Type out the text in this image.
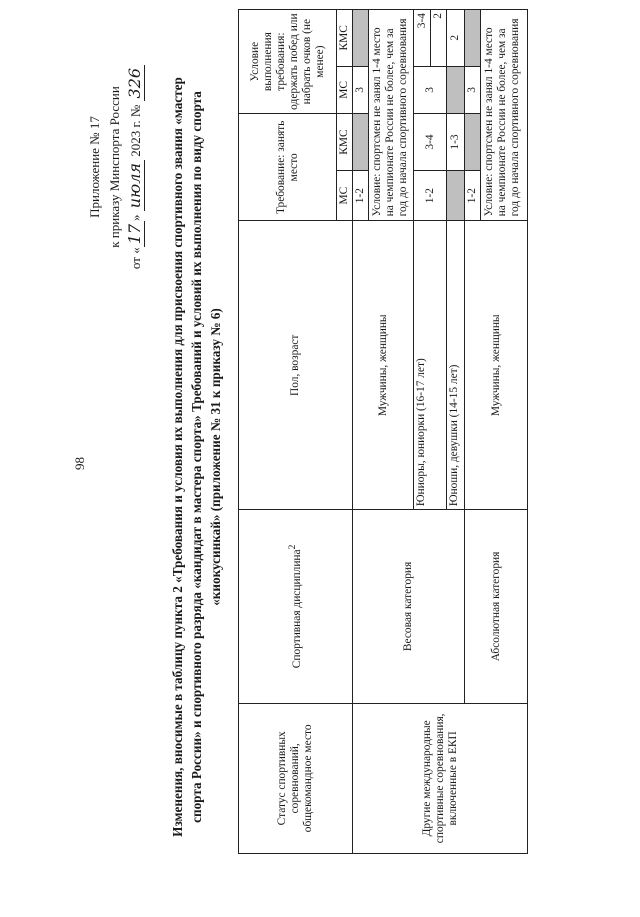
98
Приложение № 17 к приказу Минспорта России
от «17» июля 2023 г. № 326 Изменения, вносимые в таблицу пункта 2 «Требования и условия их выполнения для присвоения спортивного звания «мастер спорта России» и спортивного разряда «кандидат в мастера спорта» Требований и условий их выполнения по виду спорта «киокусинкай» (приложение № 31 к приказу № 6)
Статус спортивных соревнований, общекомандное место	Спортивная дисциплина$^2$	Пол, возраст	Требование: занять место		Условие выполнения требования: одержать побед или набрать очков (не менее)	
			МС	КМС	МС	КМС
Другие международные спортивные соревнования, включенные в ЕКП	Весовая категория	Мужчины, женщины	1-2		3	
			Условие: спортсмен не занял 1-4 место на чемпионате России не более, чем за год до начала спортивного соревнования			
		Юниоры, юниорки (16-17 лет)	1-2	3-4	3	3-4
						2
		Юноши, девушки (14-15 лет)		1-3		2

	Абсолютная категория	Мужчины, женщины	1-2		3	
			Условие: спортсмен не занял 1-4 место на чемпионате России не более, чем за год до начала спортивного соревнования			
